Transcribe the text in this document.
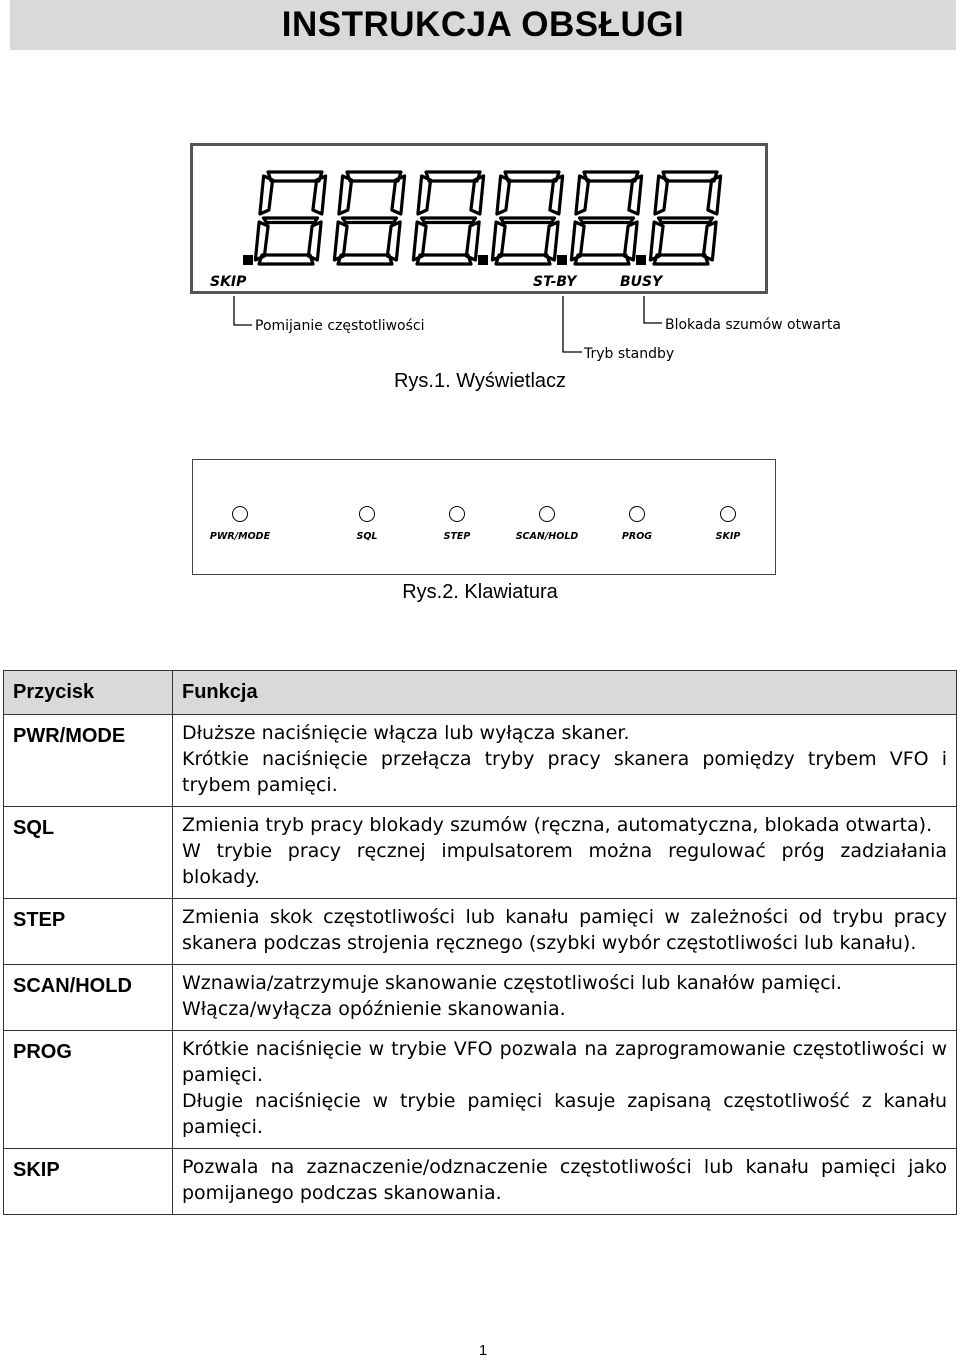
INSTRUKCJA OBSŁUGI
SKIP	ST-BY	BUSY
Pomijanie częstotliwości	Blokada szumów otwarta
Tryb standby
Rys.1. Wyświetlacz
PWR/MODE	SQL	STEP	SCAN/HOLD	PROG	SKIP
Rys.2. Klawiatura
Przycisk	Funkcja
PWR/MODE	Dłuższe naciśnięcie włącza lub wyłącza skaner.
Krótkie naciśnięcie przełącza tryby pracy skanera pomiędzy trybem VFO i trybem pamięci.

SQL	Zmienia tryb pracy blokady szumów (ręczna, automatyczna, blokada otwarta).
W trybie pracy ręcznej impulsatorem można regulować próg zadziałania blokady.

STEP	Zmienia skok częstotliwości lub kanału pamięci w zależności od trybu pracy skanera podczas strojenia ręcznego (szybki wybór częstotliwości lub kanału).

SCAN/HOLD	Wznawia/zatrzymuje skanowanie częstotliwości lub kanałów pamięci.
Włącza/wyłącza opóźnienie skanowania.

PROG	Krótkie naciśnięcie w trybie VFO pozwala na zaprogramowanie częstotliwości w pamięci.
Długie naciśnięcie w trybie pamięci kasuje zapisaną częstotliwość z kanału pamięci.

SKIP	Pozwala na zaznaczenie/odznaczenie częstotliwości lub kanału pamięci jako pomijanego podczas skanowania.
1
